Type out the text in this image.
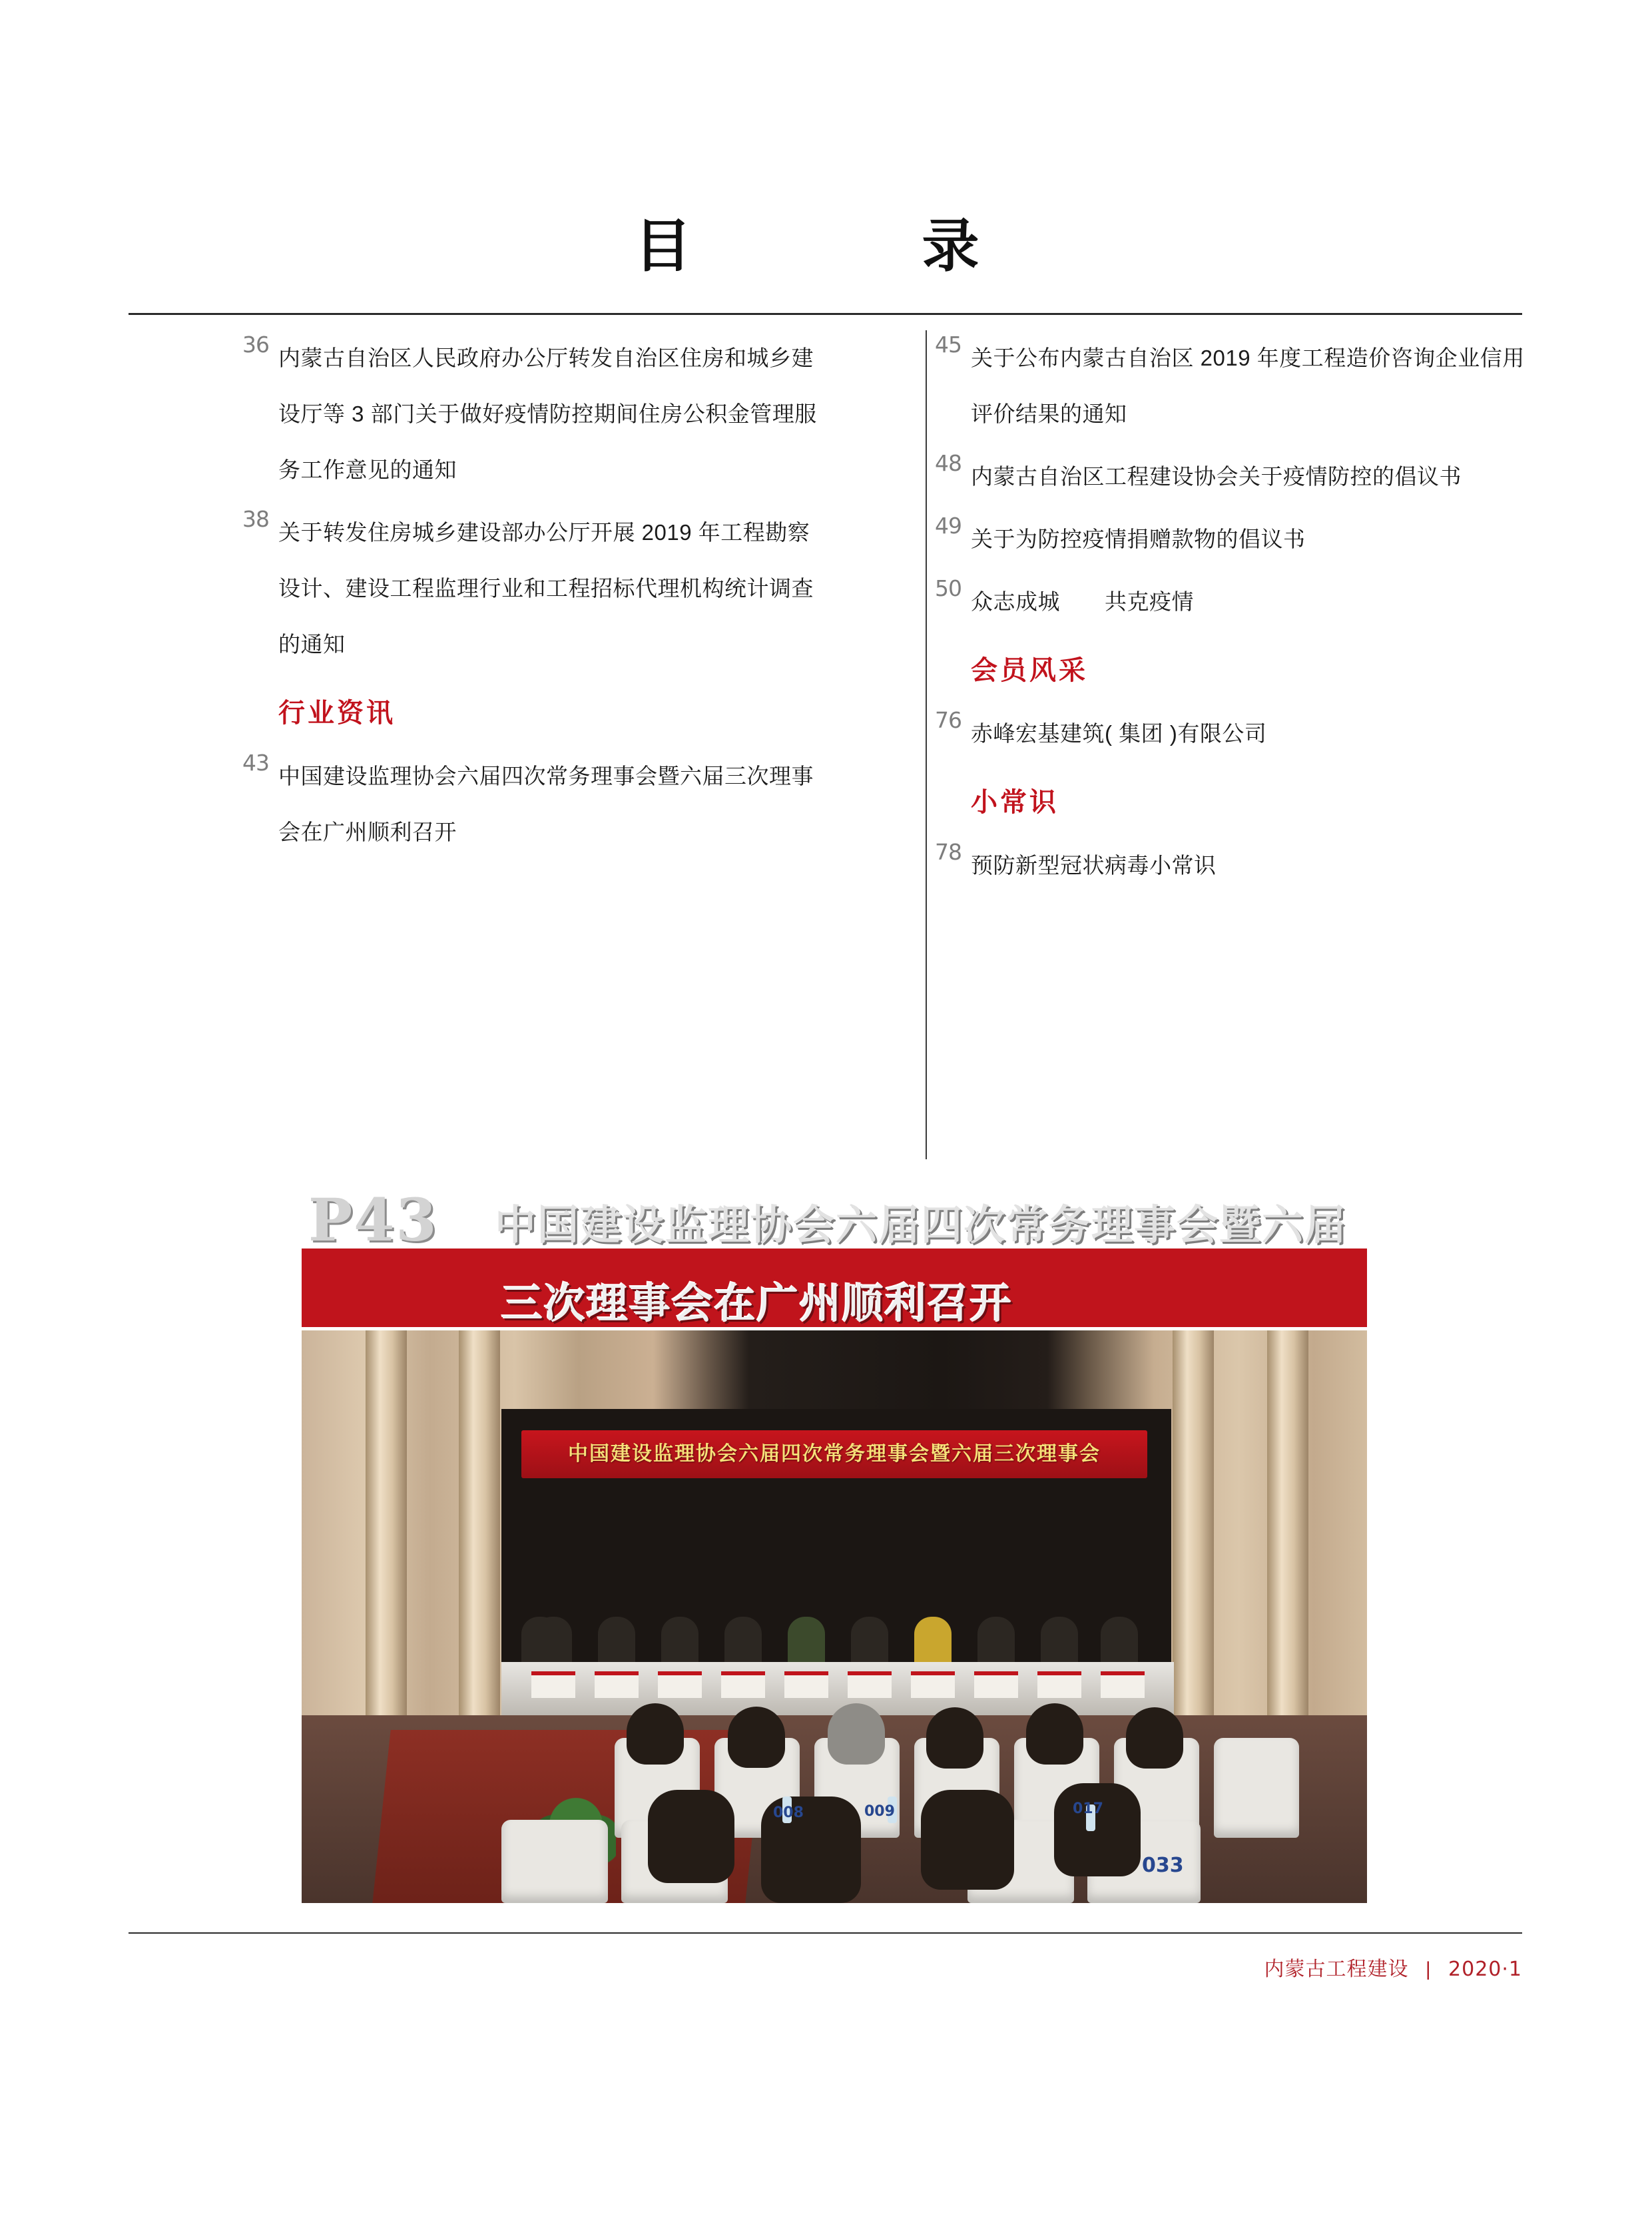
目　　录
36
内蒙古自治区人民政府办公厅转发自治区住房和城乡建设厅等 3 部门关于做好疫情防控期间住房公积金管理服务工作意见的通知
38
关于转发住房城乡建设部办公厅开展 2019 年工程勘察设计、建设工程监理行业和工程招标代理机构统计调查的通知
行业资讯
43
中国建设监理协会六届四次常务理事会暨六届三次理事会在广州顺利召开
45
关于公布内蒙古自治区 2019 年度工程造价咨询企业信用评价结果的通知
48
内蒙古自治区工程建设协会关于疫情防控的倡议书
49
关于为防控疫情捐赠款物的倡议书
50
众志成城　　共克疫情
会员风采
76
赤峰宏基建筑( 集团 )有限公司
小常识
78
预防新型冠状病毒小常识
P43 中国建设监理协会六届四次常务理事会暨六届
三次理事会在广州顺利召开
中国建设监理协会六届四次常务理事会暨六届三次理事会
008	009	017
033
内蒙古工程建设 | 2020·1
